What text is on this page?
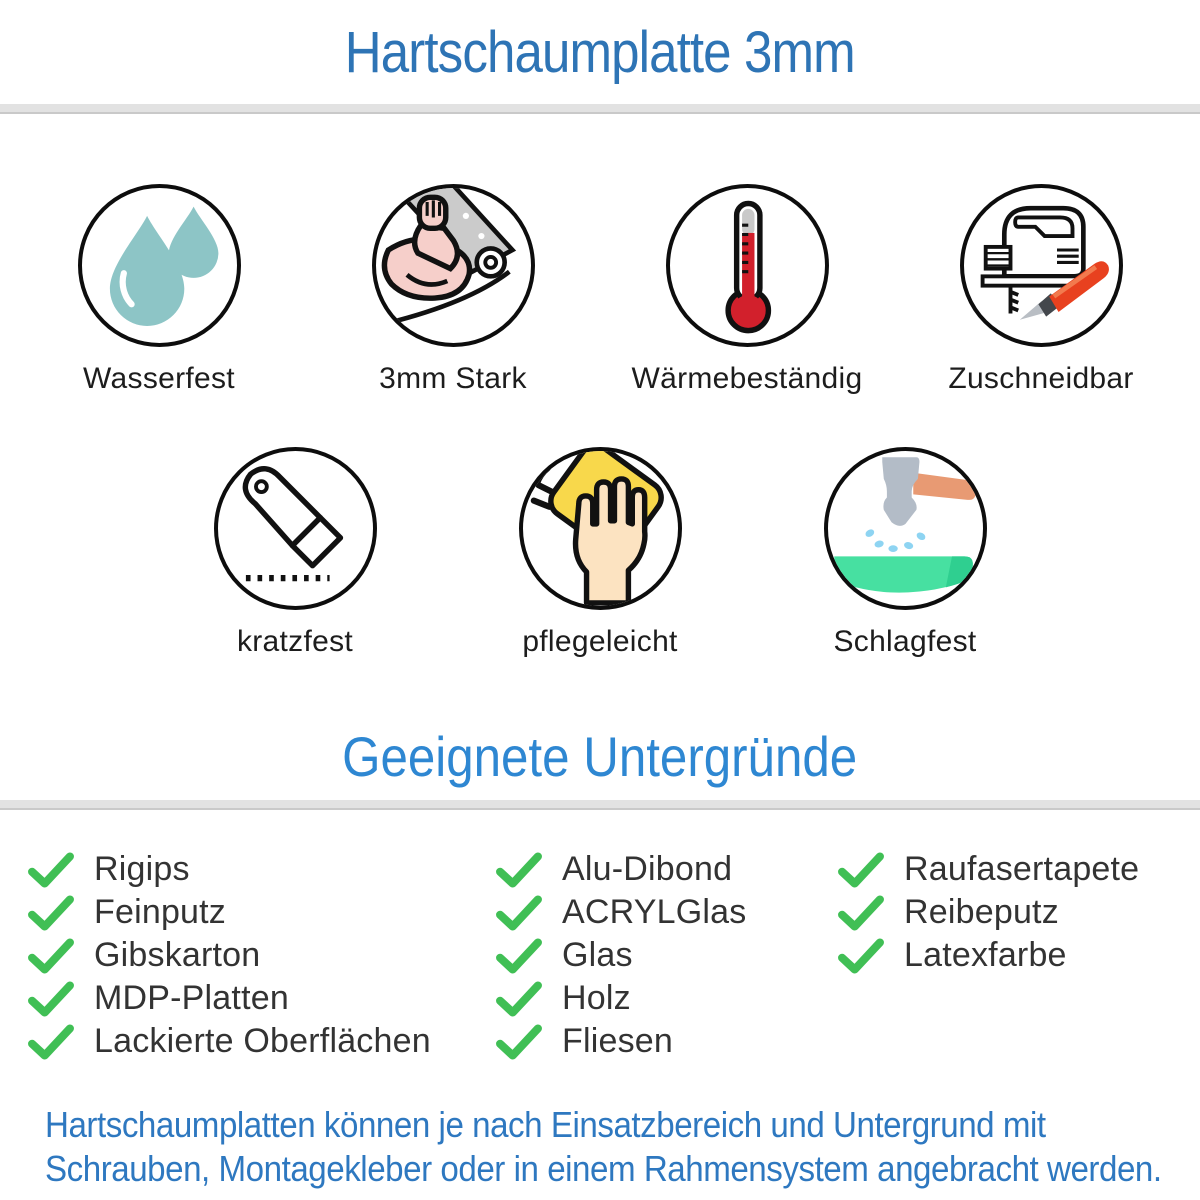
Hartschaumplatte 3mm
Wasserfest	3mm Stark	Wärmebeständig	Zuschneidbar
kratzfest	pflegeleicht	Schlagfest
Geeignete Untergründe
Rigips
Feinputz
Gibskarton
MDP-Platten
Lackierte Oberflächen
Alu-Dibond
ACRYLGlas
Glas
Holz
Fliesen
Raufasertapete
Reibeputz
Latexfarbe
Hartschaumplatten können je nach Einsatzbereich und Untergrund mit
Schrauben, Montagekleber oder in einem Rahmensystem angebracht werden.
